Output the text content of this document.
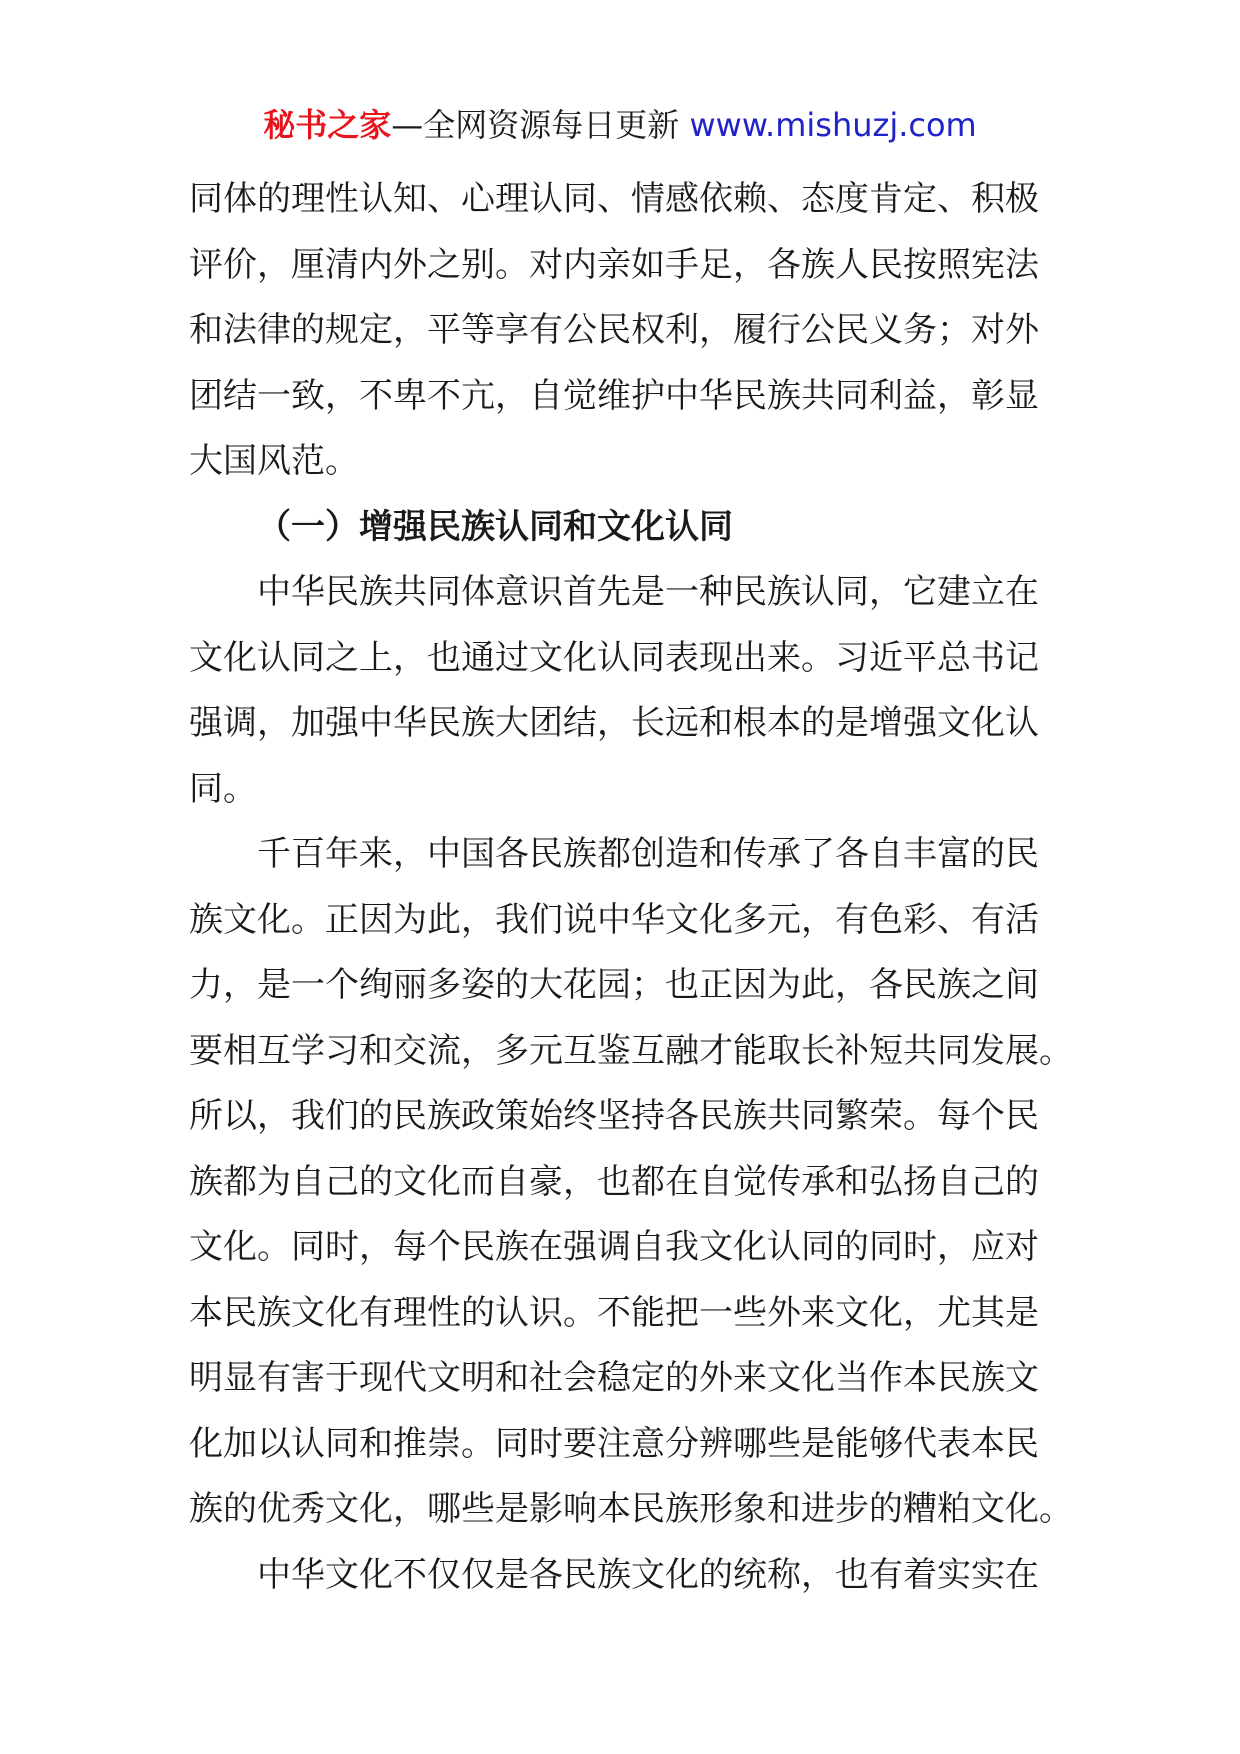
秘书之家—全网资源每日更新 www.mishuzj.com
同体的理性认知、心理认同、情感依赖、态度肯定、积极
评价，厘清内外之别。对内亲如手足，各族人民按照宪法
和法律的规定，平等享有公民权利，履行公民义务；对外
团结一致，不卑不亢，自觉维护中华民族共同利益，彰显
大国风范。
（一）增强民族认同和文化认同
中华民族共同体意识首先是一种民族认同，它建立在
文化认同之上，也通过文化认同表现出来。习近平总书记
强调，加强中华民族大团结，长远和根本的是增强文化认
同。
千百年来，中国各民族都创造和传承了各自丰富的民
族文化。正因为此，我们说中华文化多元，有色彩、有活
力，是一个绚丽多姿的大花园；也正因为此，各民族之间
要相互学习和交流，多元互鉴互融才能取长补短共同发展。
所以，我们的民族政策始终坚持各民族共同繁荣。每个民
族都为自己的文化而自豪，也都在自觉传承和弘扬自己的
文化。同时，每个民族在强调自我文化认同的同时，应对
本民族文化有理性的认识。不能把一些外来文化，尤其是
明显有害于现代文明和社会稳定的外来文化当作本民族文
化加以认同和推崇。同时要注意分辨哪些是能够代表本民
族的优秀文化，哪些是影响本民族形象和进步的糟粕文化。
中华文化不仅仅是各民族文化的统称，也有着实实在
